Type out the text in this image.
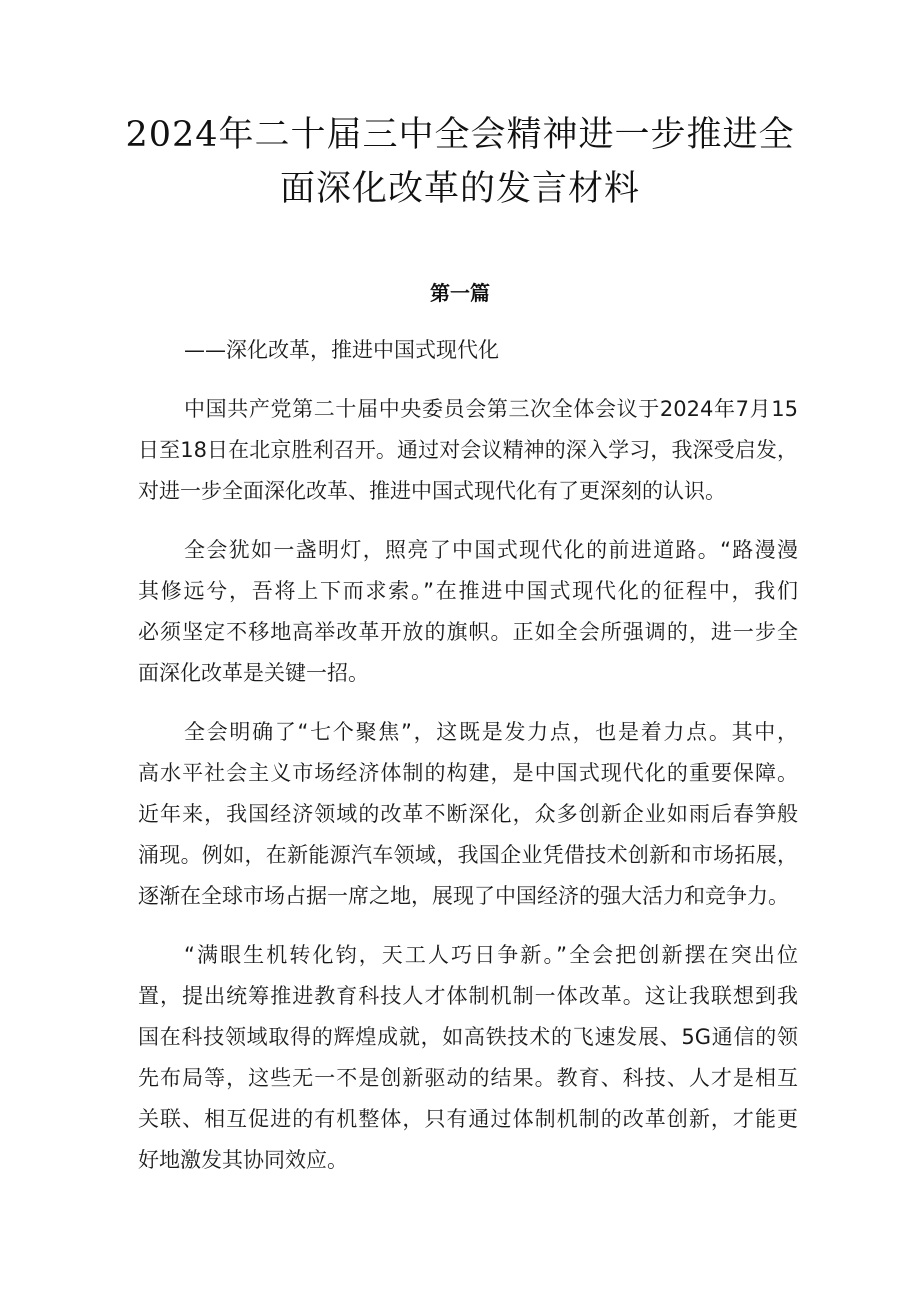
2024年二十届三中全会精神进一步推进全
面深化改革的发言材料
第一篇

——深化改革，推进中国式现代化

中国共产党第二十届中央委员会第三次全体会议于2024年7月15
日至18日在北京胜利召开。通过对会议精神的深入学习，我深受启发，
对进一步全面深化改革、推进中国式现代化有了更深刻的认识。

全会犹如一盏明灯，照亮了中国式现代化的前进道路。“路漫漫
其修远兮，吾将上下而求索。”在推进中国式现代化的征程中，我们
必须坚定不移地高举改革开放的旗帜。正如全会所强调的，进一步全
面深化改革是关键一招。

全会明确了“七个聚焦”，这既是发力点，也是着力点。其中，
高水平社会主义市场经济体制的构建，是中国式现代化的重要保障。
近年来，我国经济领域的改革不断深化，众多创新企业如雨后春笋般
涌现。例如，在新能源汽车领域，我国企业凭借技术创新和市场拓展，
逐渐在全球市场占据一席之地，展现了中国经济的强大活力和竞争力。

“满眼生机转化钧，天工人巧日争新。”全会把创新摆在突出位
置，提出统筹推进教育科技人才体制机制一体改革。这让我联想到我
国在科技领域取得的辉煌成就，如高铁技术的飞速发展、5G通信的领
先布局等，这些无一不是创新驱动的结果。教育、科技、人才是相互
关联、相互促进的有机整体，只有通过体制机制的改革创新，才能更
好地激发其协同效应。
